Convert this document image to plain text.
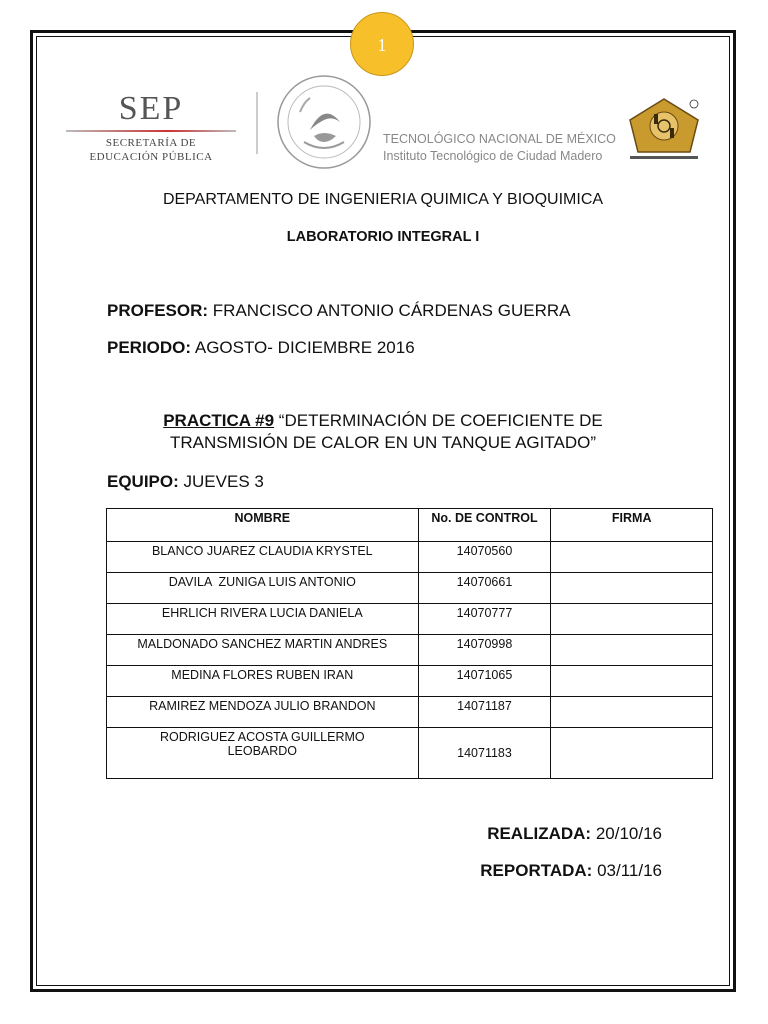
1
SEP
SECRETARÍA DE
EDUCACIÓN PÚBLICA
TECNOLÓGICO NACIONAL DE MÉXICO
Instituto Tecnológico de Ciudad Madero
DEPARTAMENTO DE INGENIERIA QUIMICA Y BIOQUIMICA
LABORATORIO INTEGRAL I
PROFESOR: FRANCISCO ANTONIO CÁRDENAS GUERRA
PERIODO: AGOSTO- DICIEMBRE 2016
PRACTICA #9 “DETERMINACIÓN DE COEFICIENTE DE
TRANSMISIÓN DE CALOR EN UN TANQUE AGITADO”
EQUIPO: JUEVES 3
NOMBRE	No. DE CONTROL	FIRMA
BLANCO JUAREZ CLAUDIA KRYSTEL	14070560	
DAVILA  ZUNIGA LUIS ANTONIO	14070661	
EHRLICH RIVERA LUCIA DANIELA	14070777	
MALDONADO SANCHEZ MARTIN ANDRES	14070998	
MEDINA FLORES RUBEN IRAN	14071065	
RAMIREZ MENDOZA JULIO BRANDON	14071187	
RODRIGUEZ ACOSTA GUILLERMO
LEOBARDO	14071183	
REALIZADA: 20/10/16
REPORTADA: 03/11/16
